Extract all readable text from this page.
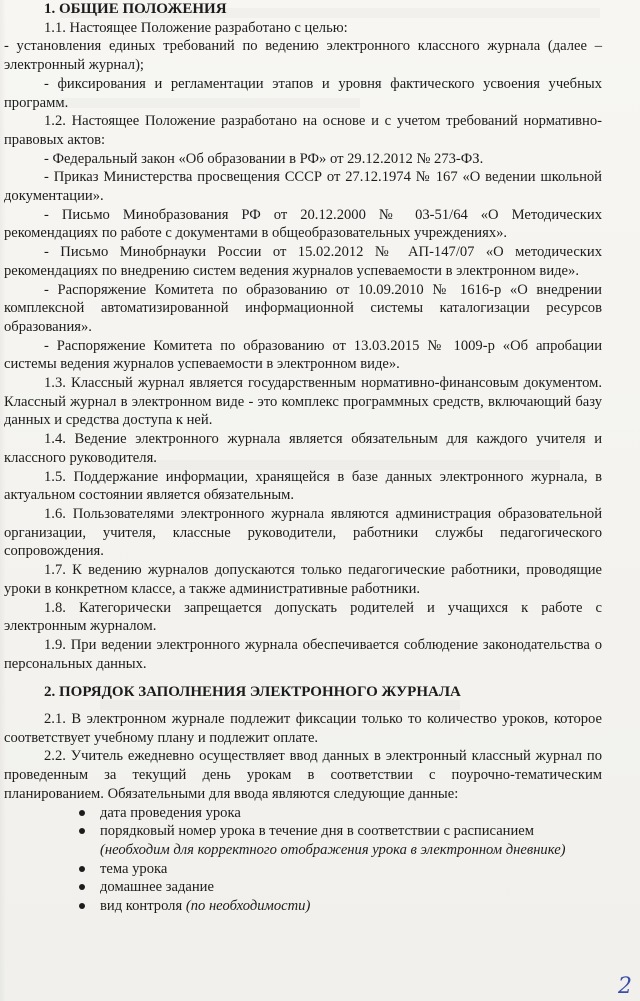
1. ОБЩИЕ ПОЛОЖЕНИЯ

1.1. Настоящее Положение разработано с целью:

- установления единых требований по ведению электронного классного журнала (далее – электронный журнал);

- фиксирования и регламентации этапов и уровня фактического усвоения учебных программ.

1.2. Настоящее Положение разработано на основе и с учетом требований нормативно-правовых актов:

- Федеральный закон «Об образовании в РФ» от 29.12.2012 № 273-ФЗ.

- Приказ Министерства просвещения СССР от 27.12.1974 № 167 «О ведении школьной документации».

- Письмо Минобразования РФ от 20.12.2000 № 03-51/64 «О Методических рекомендациях по работе с документами в общеобразовательных учреждениях».

- Письмо Минобрнауки России от 15.02.2012 № АП-147/07 «О методических рекомендациях по внедрению систем ведения журналов успеваемости в электронном виде».

- Распоряжение Комитета по образованию от 10.09.2010 № 1616-р «О внедрении комплексной автоматизированной информационной системы каталогизации ресурсов образования».

- Распоряжение Комитета по образованию от 13.03.2015 № 1009-р «Об апробации системы ведения журналов успеваемости в электронном виде».

1.3. Классный журнал является государственным нормативно-финансовым документом. Классный журнал в электронном виде - это комплекс программных средств, включающий базу данных и средства доступа к ней.

1.4. Ведение электронного журнала является обязательным для каждого учителя и классного руководителя.

1.5. Поддержание информации, хранящейся в базе данных электронного журнала, в актуальном состоянии является обязательным.

1.6. Пользователями электронного журнала являются администрация образовательной организации, учителя, классные руководители, работники службы педагогического сопровождения.

1.7. К ведению журналов допускаются только педагогические работники, проводящие уроки в конкретном классе, а также административные работники.

1.8. Категорически запрещается допускать родителей и учащихся к работе с электронным журналом.

1.9. При ведении электронного журнала обеспечивается соблюдение законодательства о персональных данных.

2. ПОРЯДОК ЗАПОЛНЕНИЯ ЭЛЕКТРОННОГО ЖУРНАЛА

2.1. В электронном журнале подлежит фиксации только то количество уроков, которое соответствует учебному плану и подлежит оплате.

2.2. Учитель ежедневно осуществляет ввод данных в электронный классный журнал по проведенным за текущий день урокам в соответствии с поурочно-тематическим планированием. Обязательными для ввода являются следующие данные:

дата проведения урока
порядковый номер урока в течение дня в соответствии с расписанием (необходим для корректного отображения урока в электронном дневнике)
тема урока
домашнее задание
вид контроля (по необходимости)
2
